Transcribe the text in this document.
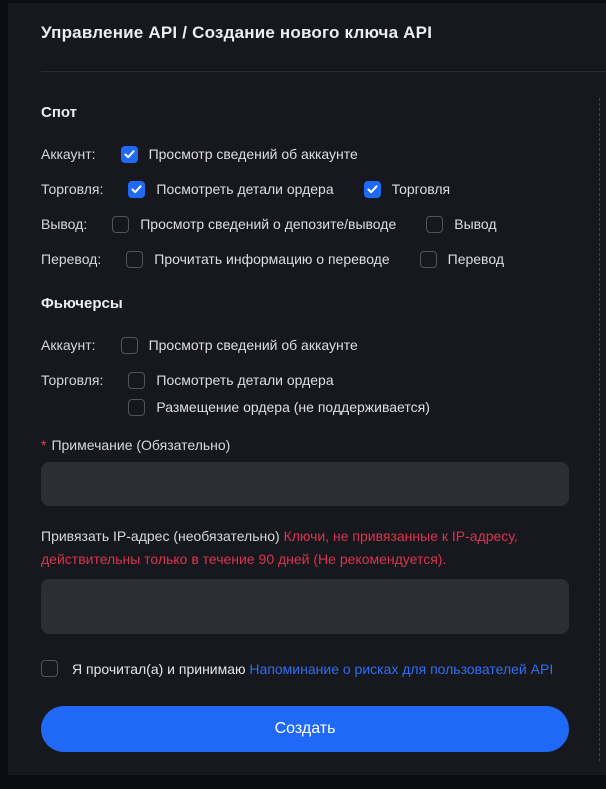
Управление API / Создание нового ключа API
Спот
Аккаунт:	Просмотр сведений об аккаунте
Торговля:	Посмотреть детали ордера	Торговля
Вывод:	Просмотр сведений о депозите/выводе	Вывод
Перевод:	Прочитать информацию о переводе	Перевод
Фьючерсы
Аккаунт:	Просмотр сведений об аккаунте
Торговля:	Посмотреть детали ордера
Размещение ордера (не поддерживается)
* Примечание (Обязательно)
Привязать IP-адрес (необязательно) Ключи, не привязанные к IP-адресу, действительны только в течение 90 дней (Не рекомендуется).
Я прочитал(а) и принимаю Напоминание о рисках для пользователей API
Создать
